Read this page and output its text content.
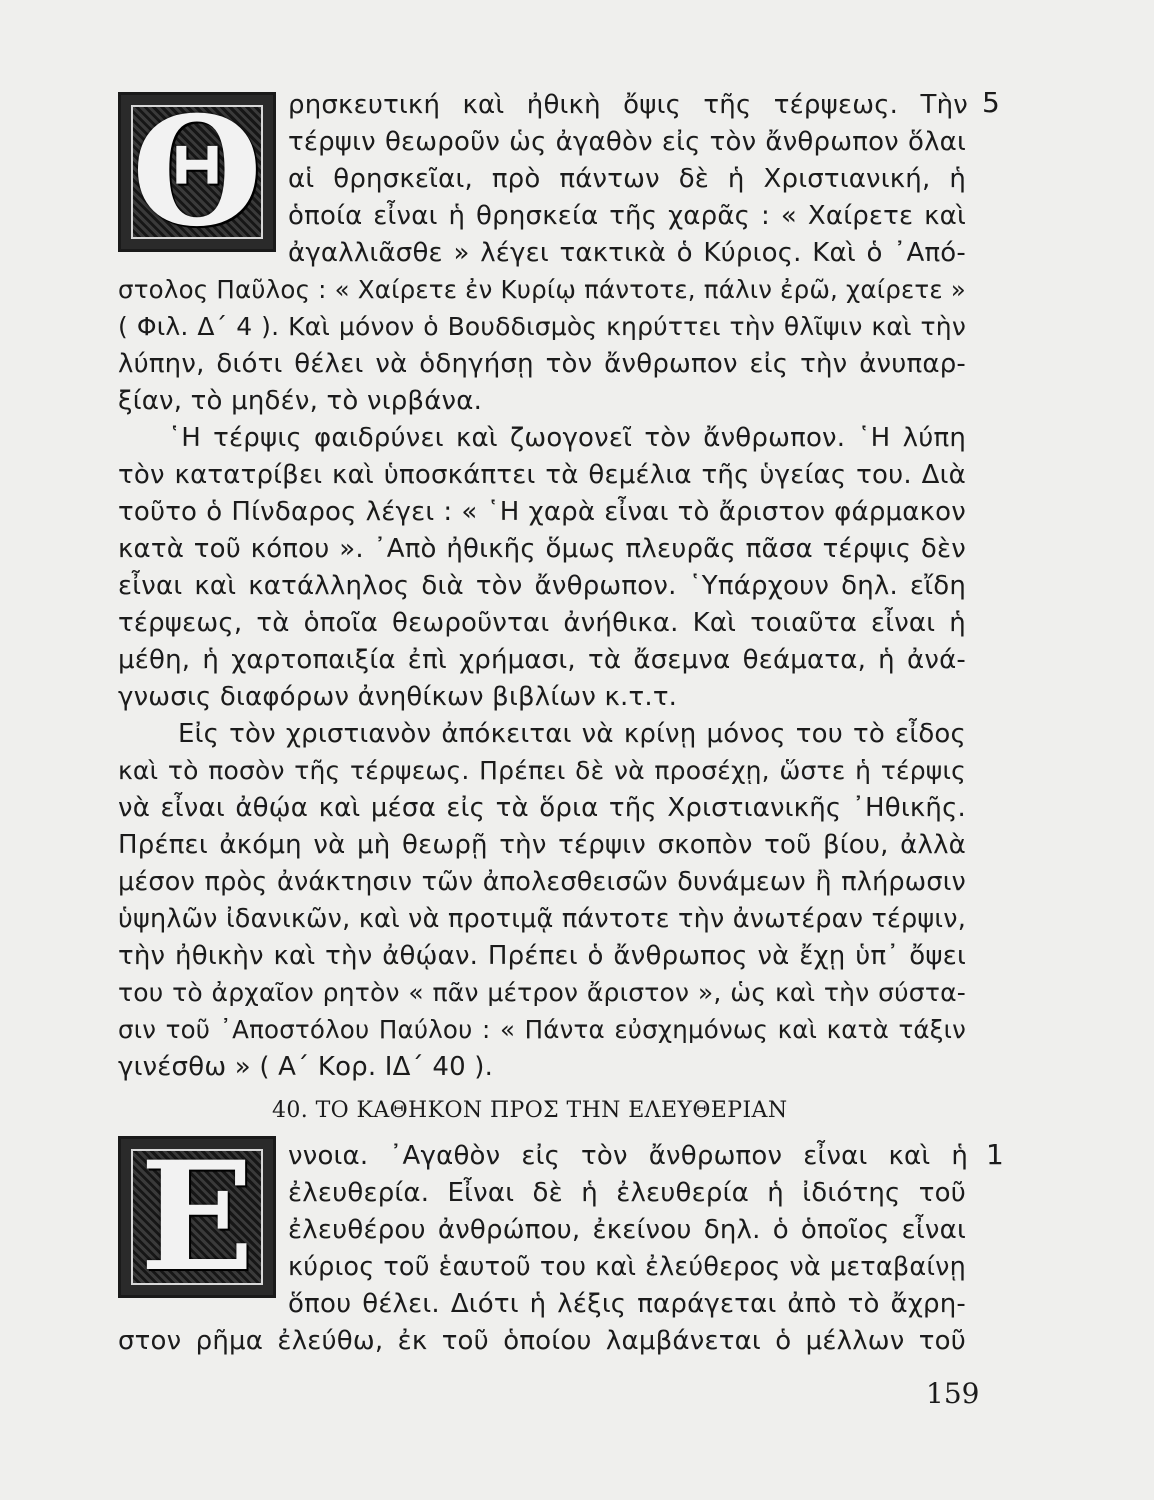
Θ	5
ρησκευτική καὶ ἠθικὴ ὄψις τῆς τέρψεως. Τὴν
τέρψιν θεωροῦν ὡς ἀγαθὸν εἰς τὸν ἄνθρωπον ὅλαι
αἱ θρησκεῖαι, πρὸ πάντων δὲ ἡ Χριστιανική, ἡ
ὁποία εἶναι ἡ θρησκεία τῆς χαρᾶς : « Χαίρετε καὶ
ἀγαλλιᾶσθε » λέγει τακτικὰ ὁ Κύριος. Καὶ ὁ ᾿Από-
στολος Παῦλος : « Χαίρετε ἐν Κυρίῳ πάντοτε, πάλιν ἐρῶ, χαίρετε »
( Φιλ. Δ΄ 4 ). Καὶ μόνον ὁ Βουδδισμὸς κηρύττει τὴν θλῖψιν καὶ τὴν
λύπην, διότι θέλει νὰ ὁδηγήσῃ τὸν ἄνθρωπον εἰς τὴν ἀνυπαρ-
ξίαν, τὸ μηδέν, τὸ νιρβάνα.
῾Η τέρψις φαιδρύνει καὶ ζωογονεῖ τὸν ἄνθρωπον. ῾Η λύπη
τὸν κατατρίβει καὶ ὑποσκάπτει τὰ θεμέλια τῆς ὑγείας του. Διὰ
τοῦτο ὁ Πίνδαρος λέγει : « ῾Η χαρὰ εἶναι τὸ ἄριστον φάρμακον
κατὰ τοῦ κόπου ». ᾿Απὸ ἠθικῆς ὅμως πλευρᾶς πᾶσα τέρψις δὲν
εἶναι καὶ κατάλληλος διὰ τὸν ἄνθρωπον. ῾Υπάρχουν δηλ. εἴδη
τέρψεως, τὰ ὁποῖα θεωροῦνται ἀνήθικα. Καὶ τοιαῦτα εἶναι ἡ
μέθη, ἡ χαρτοπαιξία ἐπὶ χρήμασι, τὰ ἄσεμνα θεάματα, ἡ ἀνά-
γνωσις διαφόρων ἀνηθίκων βιβλίων κ.τ.τ.
Εἰς τὸν χριστιανὸν ἀπόκειται νὰ κρίνῃ μόνος του τὸ εἶδος
καὶ τὸ ποσὸν τῆς τέρψεως. Πρέπει δὲ νὰ προσέχῃ, ὥστε ἡ τέρψις
νὰ εἶναι ἀθῴα καὶ μέσα εἰς τὰ ὅρια τῆς Χριστιανικῆς ᾿Ηθικῆς.
Πρέπει ἀκόμη νὰ μὴ θεωρῇ τὴν τέρψιν σκοπὸν τοῦ βίου, ἀλλὰ
μέσον πρὸς ἀνάκτησιν τῶν ἀπολεσθεισῶν δυνάμεων ἢ πλήρωσιν
ὑψηλῶν ἰδανικῶν, καὶ νὰ προτιμᾷ πάντοτε τὴν ἀνωτέραν τέρψιν,
τὴν ἠθικὴν καὶ τὴν ἀθῴαν. Πρέπει ὁ ἄνθρωπος νὰ ἔχῃ ὑπ᾿ ὄψει
του τὸ ἀρχαῖον ρητὸν « πᾶν μέτρον ἄριστον », ὡς καὶ τὴν σύστα-
σιν τοῦ ᾿Αποστόλου Παύλου : « Πάντα εὐσχημόνως καὶ κατὰ τάξιν
γινέσθω » ( Α΄ Κορ. ΙΔ΄ 40 ).
40. ΤΟ ΚΑΘΗΚΟΝ ΠΡΟΣ ΤΗΝ ΕΛΕΥΘΕΡΙΑΝ
Ε	1
ννοια. ᾿Αγαθὸν εἰς τὸν ἄνθρωπον εἶναι καὶ ἡ
ἐλευθερία. Εἶναι δὲ ἡ ἐλευθερία ἡ ἰδιότης τοῦ
ἐλευθέρου ἀνθρώπου, ἐκείνου δηλ. ὁ ὁποῖος εἶναι
κύριος τοῦ ἑαυτοῦ του καὶ ἐλεύθερος νὰ μεταβαίνῃ
ὅπου θέλει. Διότι ἡ λέξις παράγεται ἀπὸ τὸ ἄχρη-
στον ρῆμα ἐλεύθω, ἐκ τοῦ ὁποίου λαμβάνεται ὁ μέλλων τοῦ
159
